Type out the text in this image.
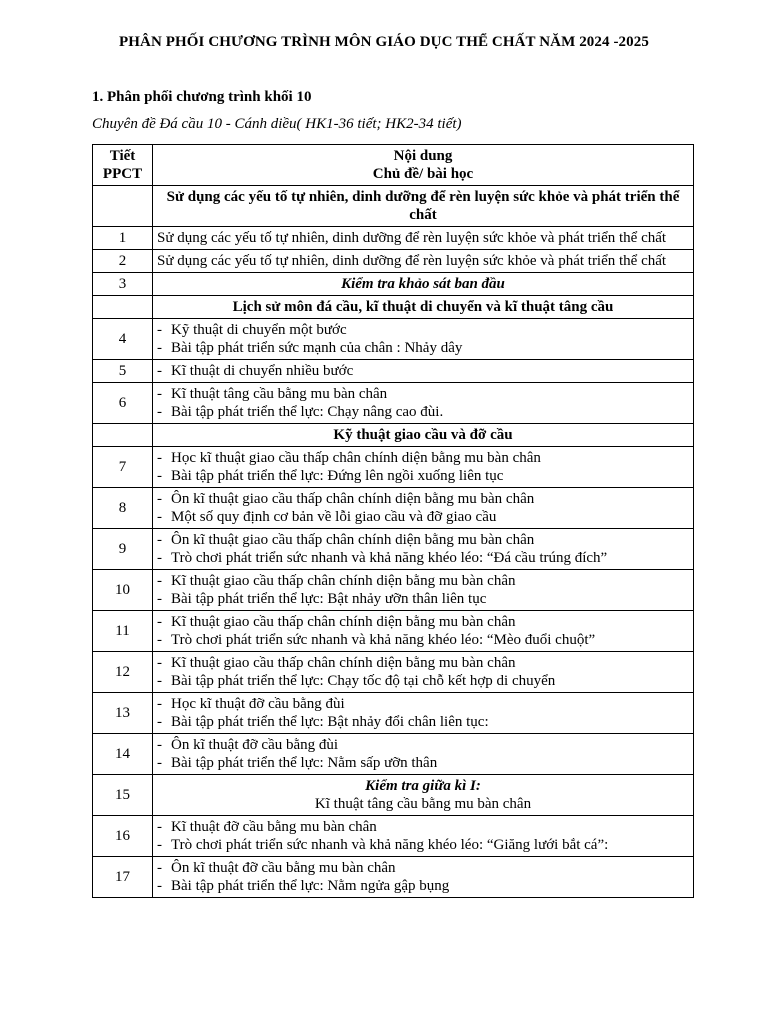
PHÂN PHỐI CHƯƠNG TRÌNH MÔN GIÁO DỤC THỂ CHẤT NĂM 2024 -2025
1. Phân phối chương trình khối 10
Chuyên đề Đá cầu 10 - Cánh diều( HK1-36 tiết; HK2-34 tiết)
Tiết
PPCT	Nội dung
Chủ đề/ bài học

	Sử dụng các yếu tố tự nhiên, dinh dưỡng để rèn luyện sức khỏe và phát triển thể chất
1	Sử dụng các yếu tố tự nhiên, dinh dưỡng để rèn luyện sức khỏe và phát triển thể chất
2	Sử dụng các yếu tố tự nhiên, dinh dưỡng để rèn luyện sức khỏe và phát triển thể chất
3	Kiểm tra khảo sát ban đầu

	Lịch sử môn đá cầu, kĩ thuật di chuyển và kĩ thuật tâng cầu
4	- Kỹ thuật di chuyển một bước
- Bài tập phát triển sức mạnh của chân : Nhảy dây

5	- Kĩ thuật di chuyển nhiều bước

6	- Kĩ thuật tâng cầu bằng mu bàn chân
- Bài tập phát triển thể lực: Chạy nâng cao đùi.

	Kỹ thuật giao cầu và đỡ cầu
7	- Học kĩ thuật giao cầu thấp chân chính diện bằng mu bàn chân
- Bài tập phát triển thể lực: Đứng lên ngồi xuống liên tục

8	- Ôn kĩ thuật giao cầu thấp chân chính diện bằng mu bàn chân
- Một số quy định cơ bản về lỗi giao cầu và đỡ giao cầu

9	- Ôn kĩ thuật giao cầu thấp chân chính diện bằng mu bàn chân
- Trò chơi phát triển sức nhanh và khả năng khéo léo: “Đá cầu trúng đích”

10	- Kĩ thuật giao cầu thấp chân chính diện bằng mu bàn chân
- Bài tập phát triển thể lực: Bật nhảy ưỡn thân liên tục

11	- Kĩ thuật giao cầu thấp chân chính diện bằng mu bàn chân
- Trò chơi phát triển sức nhanh và khả năng khéo léo: “Mèo đuổi chuột”

12	- Kĩ thuật giao cầu thấp chân chính diện bằng mu bàn chân
- Bài tập phát triển thể lực: Chạy tốc độ tại chỗ kết hợp di chuyển

13	- Học kĩ thuật đỡ cầu bằng đùi
- Bài tập phát triển thể lực: Bật nhảy đổi chân liên tục:

14	- Ôn kĩ thuật đỡ cầu bằng đùi
- Bài tập phát triển thể lực: Nằm sấp ưỡn thân

15	Kiểm tra giữa kì I:
Kĩ thuật tâng cầu bằng mu bàn chân

16	- Kĩ thuật đỡ cầu bằng mu bàn chân
- Trò chơi phát triển sức nhanh và khả năng khéo léo: “Giăng lưới bắt cá”:

17	- Ôn kĩ thuật đỡ cầu bằng mu bàn chân
- Bài tập phát triển thể lực: Nằm ngửa gập bụng
